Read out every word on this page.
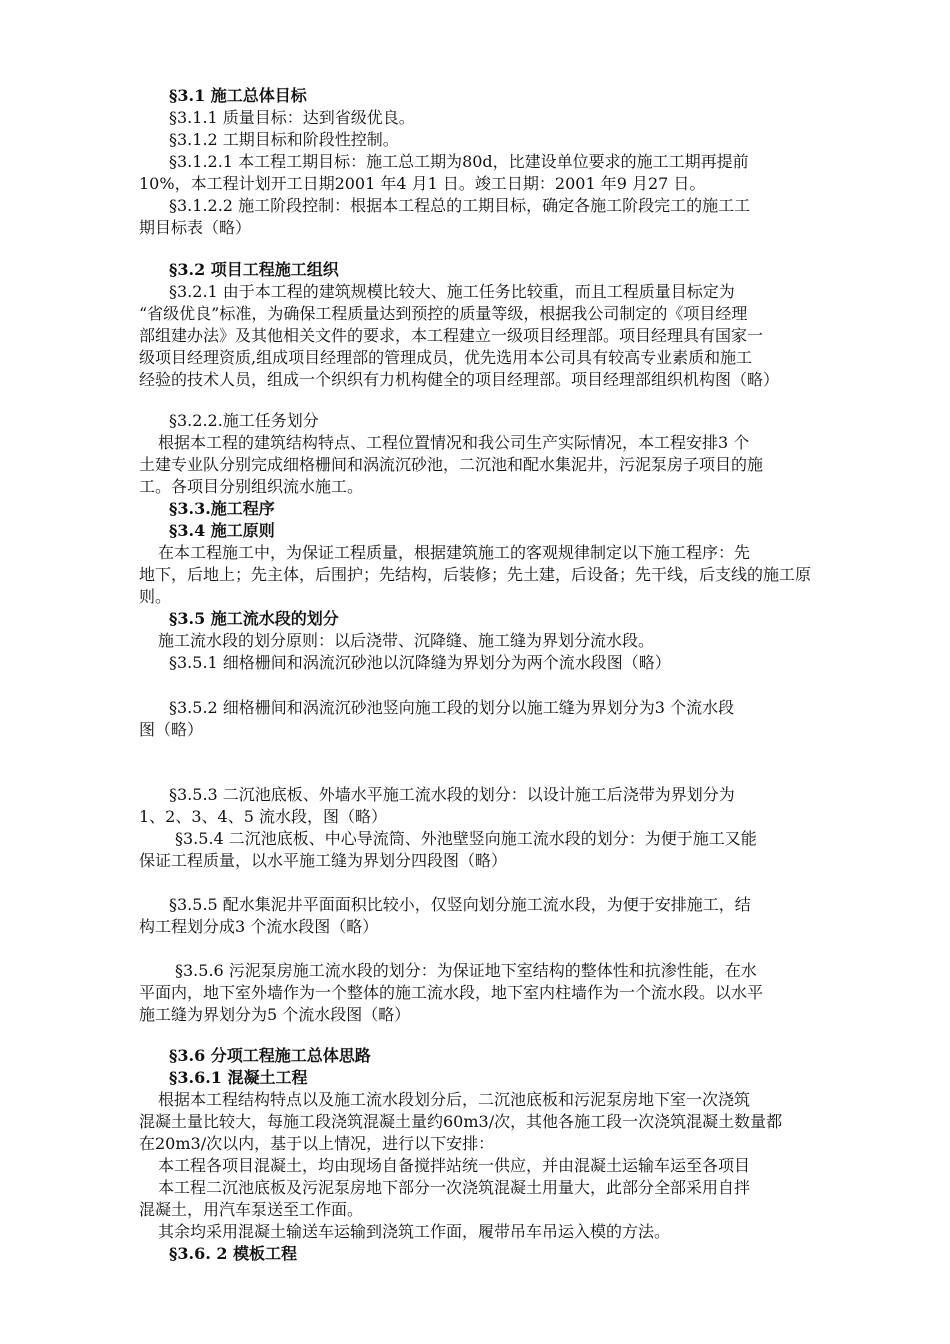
§3.1 施工总体目标
§3.1.1 质量目标：达到省级优良。
§3.1.2 工期目标和阶段性控制。
§3.1.2.1 本工程工期目标：施工总工期为80d，比建设单位要求的施工工期再提前
10%，本工程计划开工日期2001 年4 月1 日。竣工日期：2001 年9 月27 日。
§3.1.2.2 施工阶段控制：根据本工程总的工期目标，确定各施工阶段完工的施工工
期目标表（略）
§3.2 项目工程施工组织
§3.2.1 由于本工程的建筑规模比较大、施工任务比较重，而且工程质量目标定为
“省级优良”标准，为确保工程质量达到预控的质量等级，根据我公司制定的《项目经理
部组建办法》及其他相关文件的要求，本工程建立一级项目经理部。项目经理具有国家一
级项目经理资质,组成项目经理部的管理成员，优先选用本公司具有较高专业素质和施工
经验的技术人员，组成一个织织有力机构健全的项目经理部。项目经理部组织机构图（略）
§3.2.2.施工任务划分
根据本工程的建筑结构特点、工程位置情况和我公司生产实际情况，本工程安排3 个
土建专业队分别完成细格栅间和涡流沉砂池，二沉池和配水集泥井，污泥泵房子项目的施
工。各项目分别组织流水施工。
§3.3.施工程序
§3.4 施工原则
在本工程施工中，为保证工程质量，根据建筑施工的客观规律制定以下施工程序：先
地下，后地上；先主体，后围护；先结构，后装修；先土建，后设备；先干线，后支线的施工原
则。
§3.5 施工流水段的划分
施工流水段的划分原则：以后浇带、沉降缝、施工缝为界划分流水段。
§3.5.1 细格栅间和涡流沉砂池以沉降缝为界划分为两个流水段图（略）
§3.5.2 细格栅间和涡流沉砂池竖向施工段的划分以施工缝为界划分为3 个流水段
图（略）
§3.5.3 二沉池底板、外墙水平施工流水段的划分：以设计施工后浇带为界划分为
1、2、3、4、5 流水段，图（略）
§3.5.4 二沉池底板、中心导流筒、外池壁竖向施工流水段的划分：为便于施工又能
保证工程质量，以水平施工缝为界划分四段图（略）
§3.5.5 配水集泥井平面面积比较小，仅竖向划分施工流水段，为便于安排施工，结
构工程划分成3 个流水段图（略）
§3.5.6 污泥泵房施工流水段的划分：为保证地下室结构的整体性和抗渗性能，在水
平面内，地下室外墙作为一个整体的施工流水段，地下室内柱墙作为一个流水段。以水平
施工缝为界划分为5 个流水段图（略）
§3.6 分项工程施工总体思路
§3.6.1 混凝土工程
根据本工程结构特点以及施工流水段划分后，二沉池底板和污泥泵房地下室一次浇筑
混凝土量比较大，每施工段浇筑混凝土量约60m3/次，其他各施工段一次浇筑混凝土数量都
在20m3/次以内，基于以上情况，进行以下安排：
本工程各项目混凝土，均由现场自备搅拌站统一供应，并由混凝土运输车运至各项目
本工程二沉池底板及污泥泵房地下部分一次浇筑混凝土用量大，此部分全部采用自拌
混凝土，用汽车泵送至工作面。
其余均采用混凝土输送车运输到浇筑工作面，履带吊车吊运入模的方法。
§3.6. 2 模板工程
